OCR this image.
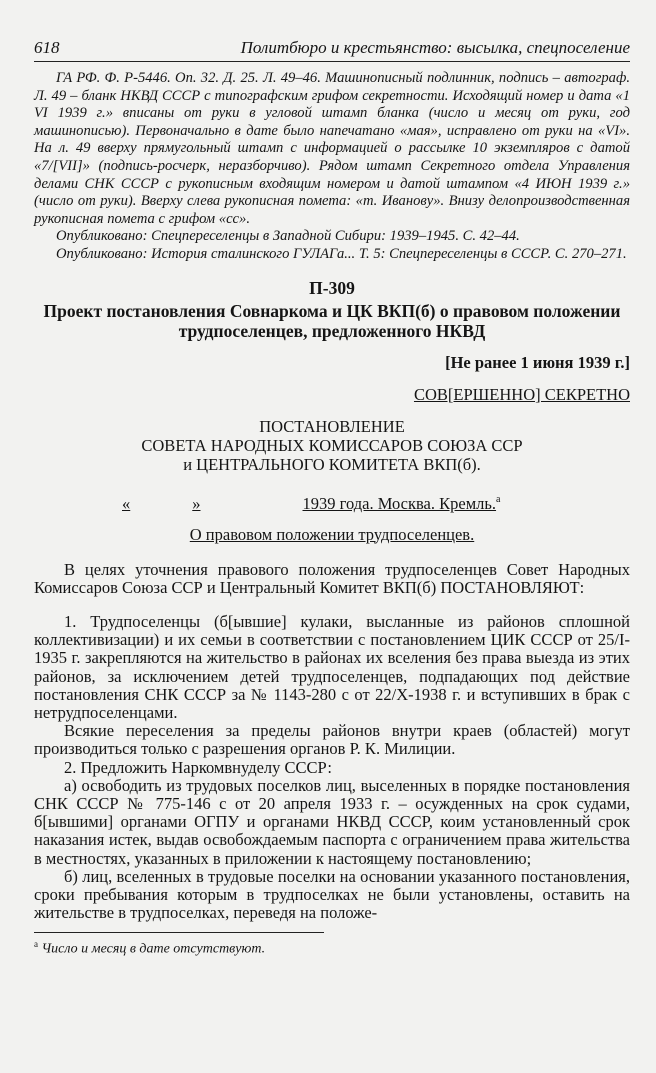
618	Политбюро и крестьянство: высылка, спецпоселение

ГА РФ. Ф. Р-5446. Оп. 32. Д. 25. Л. 49–46. Машинописный подлинник, подпись – автограф. Л. 49 – бланк НКВД СССР с типографским грифом секретности. Исходящий номер и дата «1 VI 1939 г.» вписаны от руки в угловой штамп бланка (число и месяц от руки, год машинописью). Первоначально в дате было напечатано «мая», исправлено от руки на «VI». На л. 49 вверху прямугольный штамп с информацией о рассылке 10 экземпляров с датой «7/[VII]» (подпись-росчерк, неразборчиво). Рядом штамп Секретного отдела Управления делами СНК СССР с рукописным входящим номером и датой штампом «4 ИЮН 1939 г.» (число от руки). Вверху слева рукописная помета: «т. Иванову». Внизу делопроизводственная рукописная помета с грифом «сс».

Опубликовано: Спецпереселенцы в Западной Сибири: 1939–1945. С. 42–44.

Опубликовано: История сталинского ГУЛАГа... Т. 5: Спецпереселенцы в СССР. С. 270–271.

П-309
Проект постановления Совнаркома и ЦК ВКП(б) о правовом положении трудпоселенцев, предложенного НКВД
[Не ранее 1 июня 1939 г.]
СОВ[ЕРШЕННО] СЕКРЕТНО
ПОСТАНОВЛЕНИЕ
СОВЕТА НАРОДНЫХ КОМИССАРОВ СОЮЗА ССР
и ЦЕНТРАЛЬНОГО КОМИТЕТА ВКП(б).
«	»	1939 года. Москва. Кремль. а
О правовом положении трудпоселенцев.

В целях уточнения правового положения трудпоселенцев Совет Народных Комиссаров Союза ССР и Центральный Комитет ВКП(б) ПОСТАНОВЛЯЮТ:

1. Трудпоселенцы (б[ывшие] кулаки, высланные из районов сплошной коллективизации) и их семьи в соответствии с постановлением ЦИК СССР от 25/I-1935 г. закрепляются на жительство в районах их вселения без права выезда из этих районов, за исключением детей трудпоселенцев, подпадающих под действие постановления СНК СССР за № 1143-280 с от 22/X-1938 г. и вступивших в брак с нетрудпоселенцами.

Всякие переселения за пределы районов внутри краев (областей) могут производиться только с разрешения органов Р. К. Милиции.

2. Предложить Наркомвнуделу СССР:

а) освободить из трудовых поселков лиц, выселенных в порядке постановления СНК СССР № 775-146 с от 20 апреля 1933 г. – осужденных на срок судами, б[ывшими] органами ОГПУ и органами НКВД СССР, коим установленный срок наказания истек, выдав освобождаемым паспорта с ограничением права жительства в местностях, указанных в приложении к настоящему постановлению;

б) лиц, вселенных в трудовые поселки на основании указанного постановления, сроки пребывания которым в трудпоселках не были установлены, оставить на жительстве в трудпоселках, переведя на положе-

$^а$ Число и месяц в дате отсутствуют.
